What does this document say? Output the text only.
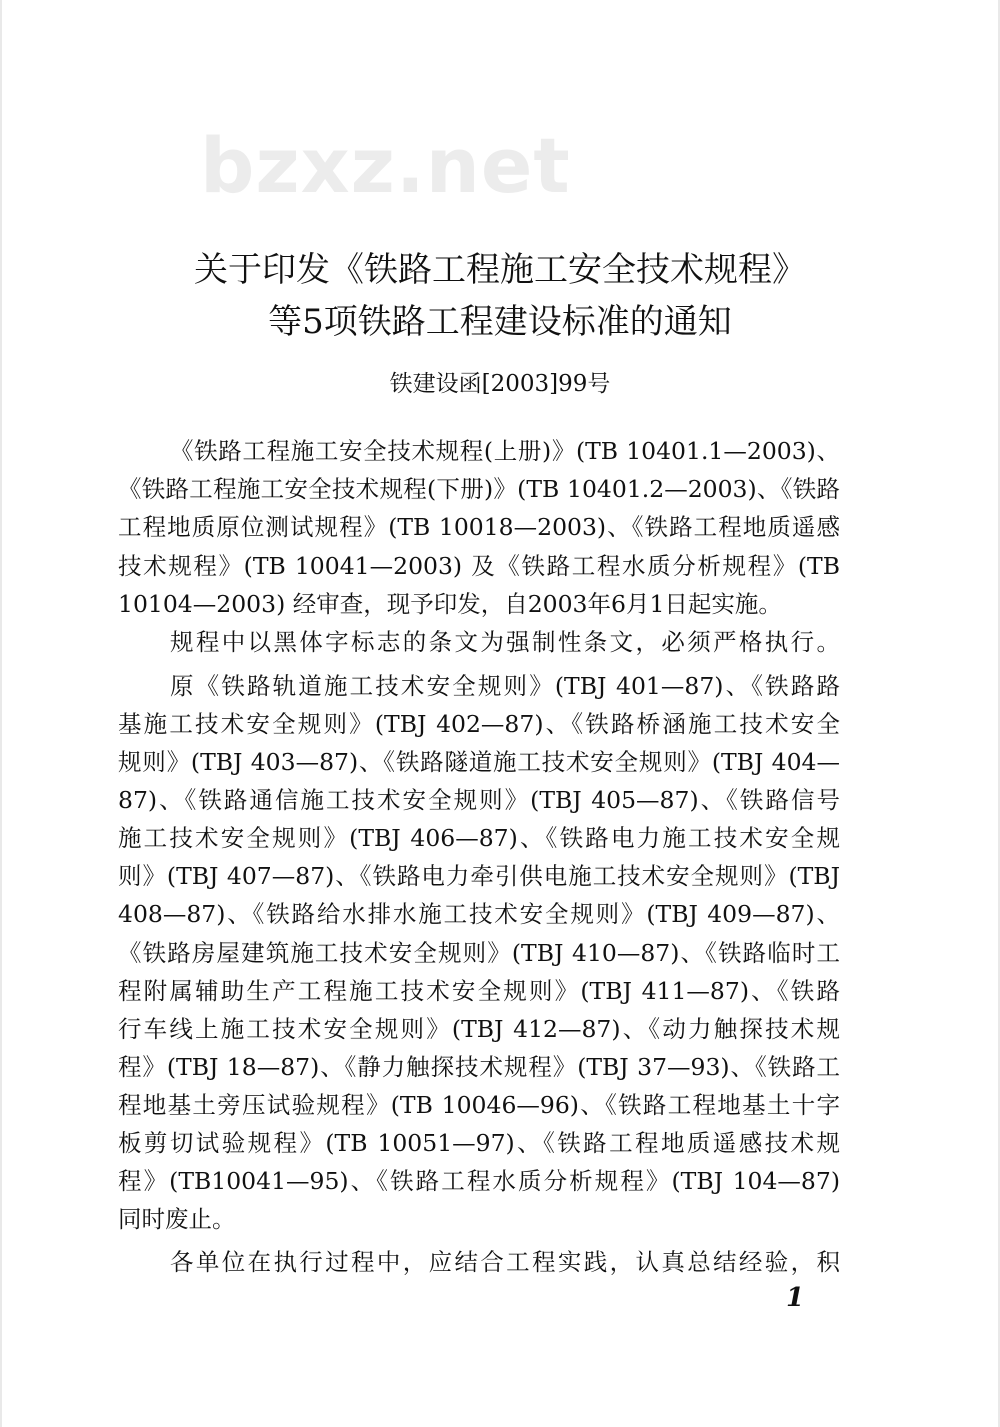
bzxz.net
关于印发《铁路工程施工安全技术规程》
等5项铁路工程建设标准的通知
铁建设函[2003]99号
《铁路工程施工安全技术规程(上册)》(TB 10401.1—2003)、
《铁路工程施工安全技术规程(下册)》(TB 10401.2—2003)、《铁路
工程地质原位测试规程》(TB 10018—2003)、《铁路工程地质遥感
技术规程》(TB 10041—2003) 及《铁路工程水质分析规程》(TB
10104—2003) 经审查，现予印发，自2003年6月1日起实施。
规程中以黑体字标志的条文为强制性条文，必须严格执行。
原《铁路轨道施工技术安全规则》(TBJ 401—87)、《铁路路
基施工技术安全规则》(TBJ 402—87)、《铁路桥涵施工技术安全
规则》(TBJ 403—87)、《铁路隧道施工技术安全规则》(TBJ 404—
87)、《铁路通信施工技术安全规则》(TBJ 405—87)、《铁路信号
施工技术安全规则》(TBJ 406—87)、《铁路电力施工技术安全规
则》(TBJ 407—87)、《铁路电力牵引供电施工技术安全规则》(TBJ
408—87)、《铁路给水排水施工技术安全规则》(TBJ 409—87)、
《铁路房屋建筑施工技术安全规则》(TBJ 410—87)、《铁路临时工
程附属辅助生产工程施工技术安全规则》(TBJ 411—87)、《铁路
行车线上施工技术安全规则》(TBJ 412—87)、《动力触探技术规
程》(TBJ 18—87)、《静力触探技术规程》(TBJ 37—93)、《铁路工
程地基土旁压试验规程》(TB 10046—96)、《铁路工程地基土十字
板剪切试验规程》(TB 10051—97)、《铁路工程地质遥感技术规
程》(TB10041—95)、《铁路工程水质分析规程》(TBJ 104—87)
同时废止。
各单位在执行过程中，应结合工程实践，认真总结经验，积
1
